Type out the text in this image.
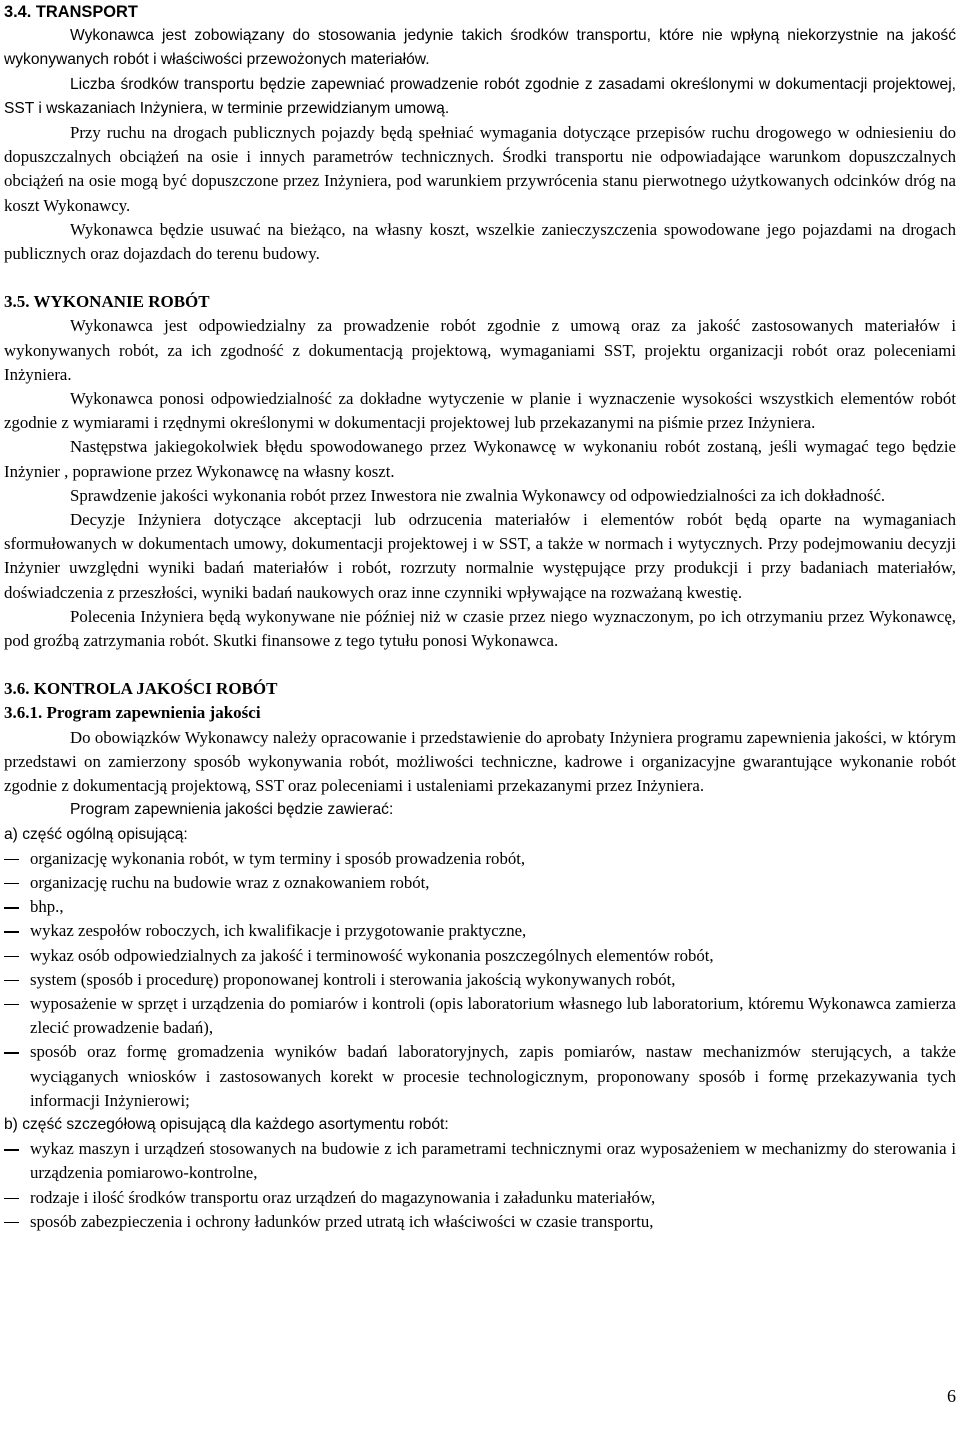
3.4. TRANSPORT

Wykonawca jest zobowiązany do stosowania jedynie takich środków transportu, które nie wpłyną niekorzystnie na jakość wykonywanych robót i właściwości przewożonych materiałów.

Liczba środków transportu będzie zapewniać prowadzenie robót zgodnie z zasadami określonymi w dokumentacji projektowej, SST i wskazaniach Inżyniera, w terminie przewidzianym umową.

Przy ruchu na drogach publicznych pojazdy będą spełniać wymagania dotyczące przepisów ruchu drogowego w odniesieniu do dopuszczalnych obciążeń na osie i innych parametrów technicznych. Środki transportu nie odpowiadające warunkom dopuszczalnych obciążeń na osie mogą być dopuszczone przez Inżyniera, pod warunkiem przywrócenia stanu pierwotnego użytkowanych odcinków dróg na koszt Wykonawcy.

Wykonawca będzie usuwać na bieżąco, na własny koszt, wszelkie zanieczyszczenia spowodowane jego pojazdami na drogach publicznych oraz dojazdach do terenu budowy.

3.5. WYKONANIE ROBÓT

Wykonawca jest odpowiedzialny za prowadzenie robót zgodnie z umową oraz za jakość zastosowanych materiałów i wykonywanych robót, za ich zgodność z dokumentacją projektową, wymaganiami SST, projektu organizacji robót oraz poleceniami Inżyniera.

Wykonawca ponosi odpowiedzialność za dokładne wytyczenie w planie i wyznaczenie wysokości wszystkich elementów robót zgodnie z wymiarami i rzędnymi określonymi w dokumentacji projektowej lub przekazanymi na piśmie przez Inżyniera.

Następstwa jakiegokolwiek błędu spowodowanego przez Wykonawcę w wykonaniu robót zostaną, jeśli wymagać tego będzie Inżynier , poprawione przez Wykonawcę na własny koszt.

Sprawdzenie jakości wykonania robót przez Inwestora nie zwalnia Wykonawcy od odpowiedzialności za ich dokładność.

Decyzje Inżyniera dotyczące akceptacji lub odrzucenia materiałów i elementów robót będą oparte na wymaganiach sformułowanych w dokumentach umowy, dokumentacji projektowej i w SST, a także w normach i wytycznych. Przy podejmowaniu decyzji Inżynier uwzględni wyniki badań materiałów i robót, rozrzuty normalnie występujące przy produkcji i przy badaniach materiałów, doświadczenia z przeszłości, wyniki badań naukowych oraz inne czynniki wpływające na rozważaną kwestię.

Polecenia Inżyniera będą wykonywane nie później niż w czasie przez niego wyznaczonym, po ich otrzymaniu przez Wykonawcę, pod groźbą zatrzymania robót. Skutki finansowe z tego tytułu ponosi Wykonawca.

3.6. KONTROLA JAKOŚCI ROBÓT
3.6.1. Program zapewnienia jakości

Do obowiązków Wykonawcy należy opracowanie i przedstawienie do aprobaty Inżyniera programu zapewnienia jakości, w którym przedstawi on zamierzony sposób wykonywania robót, możliwości techniczne, kadrowe i organizacyjne gwarantujące wykonanie robót zgodnie z dokumentacją projektową, SST oraz poleceniami i ustaleniami przekazanymi przez Inżyniera.

Program zapewnienia jakości będzie zawierać:

a) część ogólną opisującą:

organizację wykonania robót, w tym terminy i sposób prowadzenia robót,
organizację ruchu na budowie wraz z oznakowaniem robót,
bhp.,
wykaz zespołów roboczych, ich kwalifikacje i przygotowanie praktyczne,
wykaz osób odpowiedzialnych za jakość i terminowość wykonania poszczególnych elementów robót,
system (sposób i procedurę) proponowanej kontroli i sterowania jakością wykonywanych robót,
wyposażenie w sprzęt i urządzenia do pomiarów i kontroli (opis laboratorium własnego lub laboratorium, któremu Wykonawca zamierza zlecić prowadzenie badań),
sposób oraz formę gromadzenia wyników badań laboratoryjnych, zapis pomiarów, nastaw mechanizmów sterujących, a także wyciąganych wniosków i zastosowanych korekt w procesie technologicznym, proponowany sposób i formę przekazywania tych informacji Inżynierowi;

b) część szczegółową opisującą dla każdego asortymentu robót:

wykaz maszyn i urządzeń stosowanych na budowie z ich parametrami technicznymi oraz wyposażeniem w mechanizmy do sterowania i urządzenia pomiarowo-kontrolne,
rodzaje i ilość środków transportu oraz urządzeń do magazynowania i załadunku materiałów,
sposób zabezpieczenia i ochrony ładunków przed utratą ich właściwości w czasie transportu,
6
